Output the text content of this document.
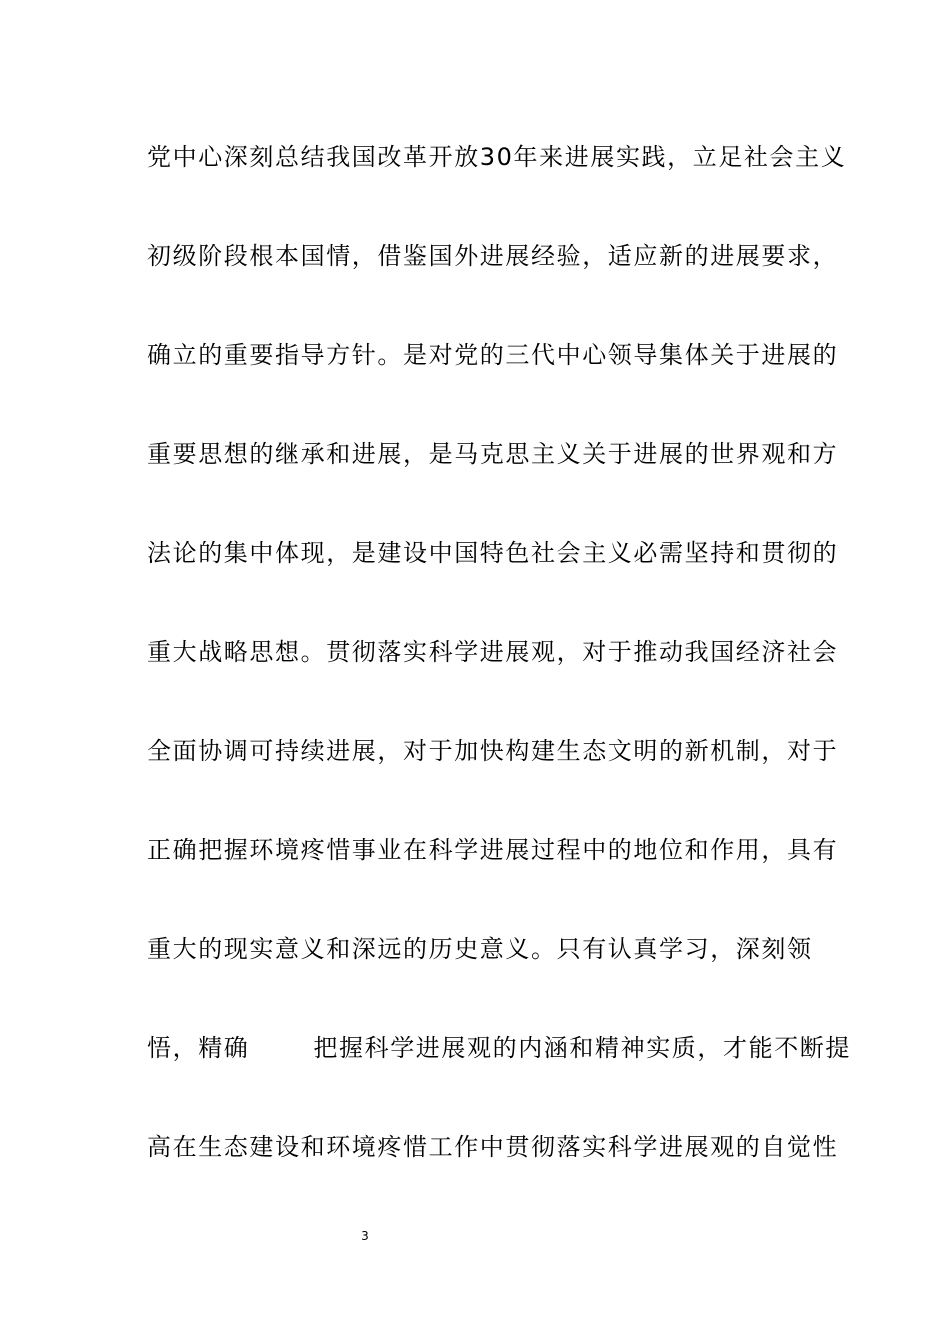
党中心深刻总结我国改革开放30年来进展实践，立足社会主义
初级阶段根本国情，借鉴国外进展经验，适应新的进展要求，
确立的重要指导方针。是对党的三代中心领导集体关于进展的
重要思想的继承和进展，是马克思主义关于进展的世界观和方
法论的集中体现，是建设中国特色社会主义必需坚持和贯彻的
重大战略思想。贯彻落实科学进展观，对于推动我国经济社会
全面协调可持续进展，对于加快构建生态文明的新机制，对于
正确把握环境疼惜事业在科学进展过程中的地位和作用，具有
重大的现实意义和深远的历史意义。只有认真学习，深刻领
悟，精确	把握科学进展观的内涵和精神实质，才能不断提
高在生态建设和环境疼惜工作中贯彻落实科学进展观的自觉性
3
